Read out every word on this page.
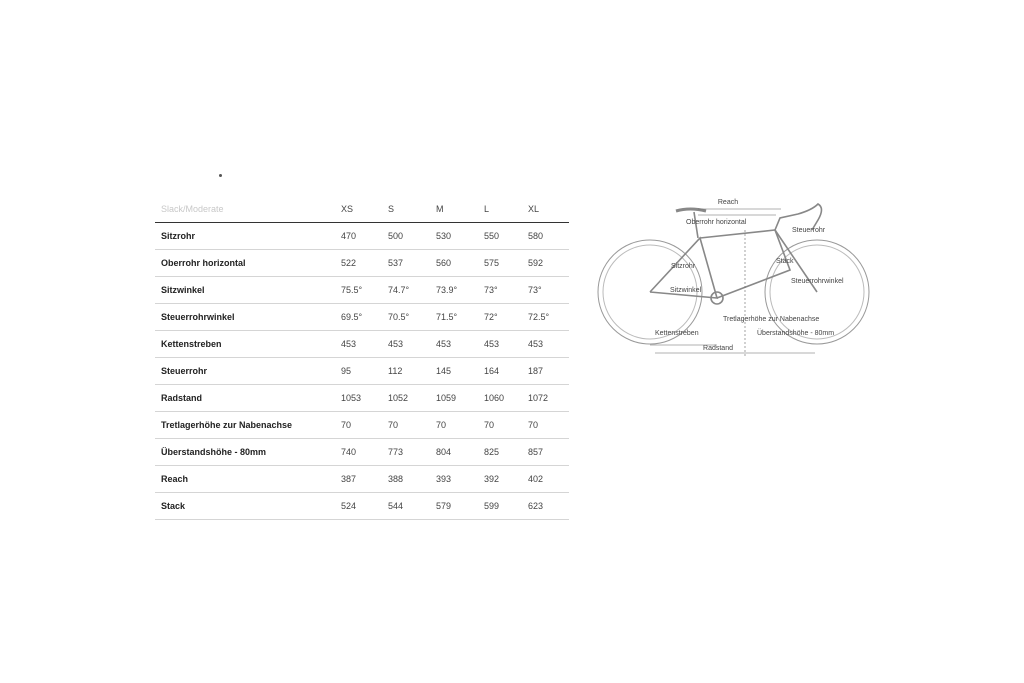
Slack/Moderate	XS	S	M	L	XL
Sitzrohr	470	500	530	550	580
Oberrohr horizontal	522	537	560	575	592
Sitzwinkel	75.5°	74.7°	73.9°	73°	73°
Steuerrohrwinkel	69.5°	70.5°	71.5°	72°	72.5°
Kettenstreben	453	453	453	453	453
Steuerrohr	95	112	145	164	187
Radstand	1053	1052	1059	1060	1072
Tretlagerhöhe zur Nabenachse	70	70	70	70	70
Überstandshöhe - 80mm	740	773	804	825	857
Reach	387	388	393	392	402
Stack	524	544	579	599	623
Reach
Oberrohr horizontal
Steuerrohr
Sitzrohr
Stack
Steuerrohrwinkel
Sitzwinkel
Tretlagerhöhe zur Nabenachse
Kettenstreben	Überstandshöhe - 80mm
Radstand
